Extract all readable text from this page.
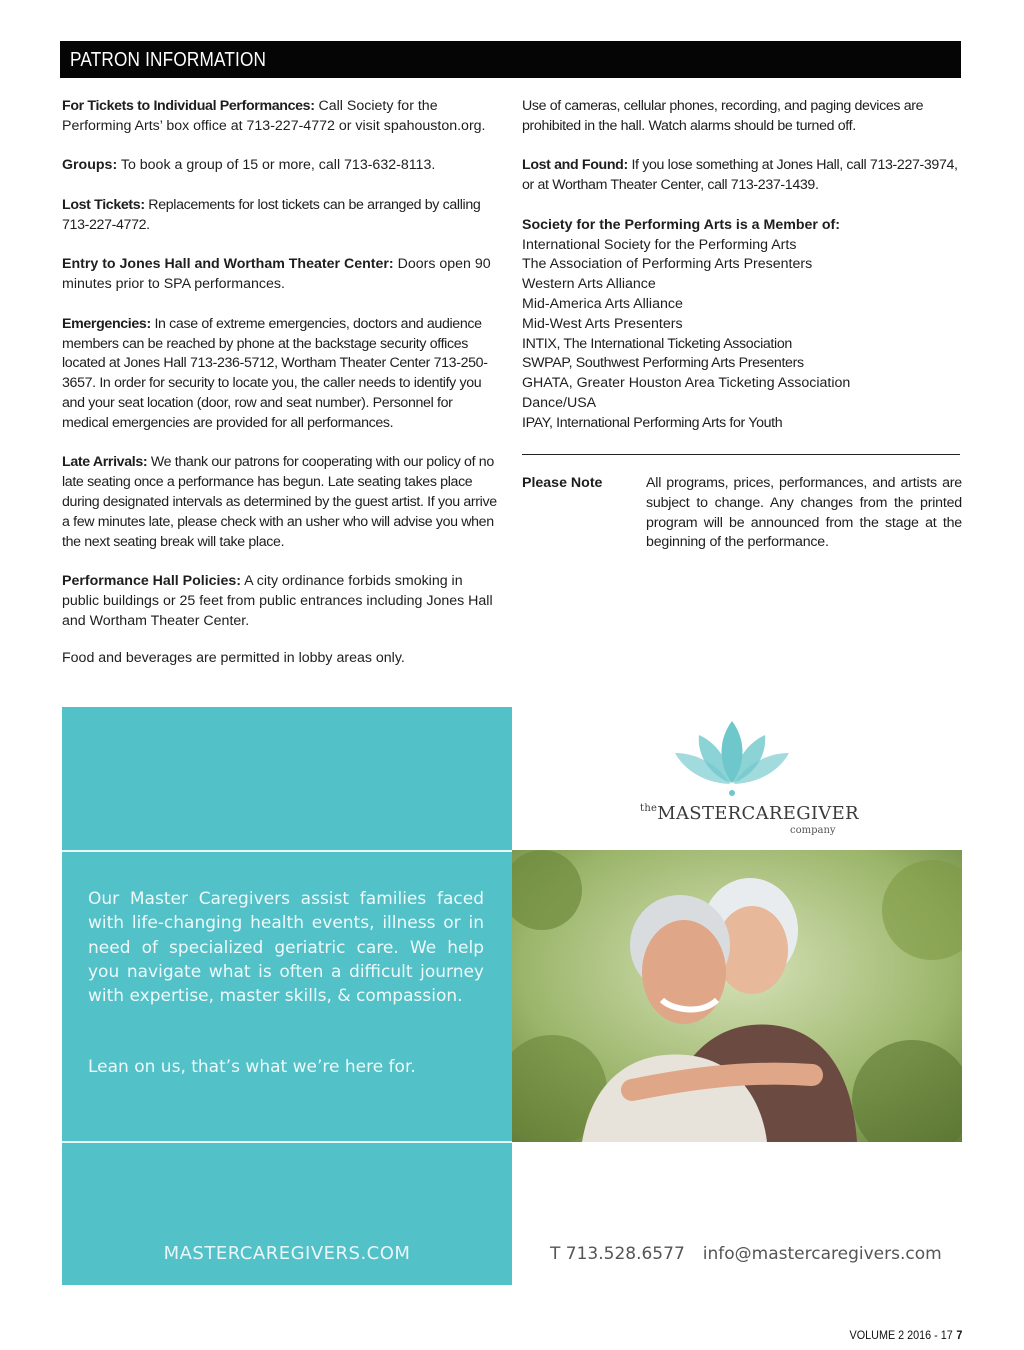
PATRON INFORMATION

For Tickets to Individual Performances: Call Society for the Performing Arts’ box office at 713-227-4772 or visit spahouston.org.

Groups: To book a group of 15 or more, call 713-632-8113.

Lost Tickets: Replacements for lost tickets can be arranged by calling 713-227-4772.

Entry to Jones Hall and Wortham Theater Center: Doors open 90 minutes prior to SPA performances.

Emergencies: In case of extreme emergencies, doctors and audience members can be reached by phone at the backstage security offices located at Jones Hall 713-236-5712, Wortham Theater Center 713-250-3657. In order for security to locate you, the caller needs to identify you and your seat location (door, row and seat number). Personnel for medical emergencies are provided for all performances.

Late Arrivals: We thank our patrons for cooperating with our policy of no late seating once a performance has begun. Late seating takes place during designated intervals as determined by the guest artist. If you arrive a few minutes late, please check with an usher who will advise you when the next seating break will take place.

Performance Hall Policies: A city ordinance forbids smoking in public buildings or 25 feet from public entrances including Jones Hall and Wortham Theater Center.

Food and beverages are permitted in lobby areas only.

Use of cameras, cellular phones, recording, and paging devices are prohibited in the hall. Watch alarms should be turned off.

Lost and Found: If you lose something at Jones Hall, call 713-227-3974, or at Wortham Theater Center, call 713-237-1439.

Society for the Performing Arts is a Member of:
International Society for the Performing Arts
The Association of Performing Arts Presenters
Western Arts Alliance
Mid-America Arts Alliance
Mid-West Arts Presenters
INTIX, The International Ticketing Association
SWPAP, Southwest Performing Arts Presenters
GHATA, Greater Houston Area Ticketing Association
Dance/USA
IPAY, International Performing Arts for Youth
Please Note	All programs, prices, performances, and artists are subject to change. Any changes from the printed program will be announced from the stage at the beginning of the performance.
Our Master Caregivers assist families faced with life-changing health events, illness or in need of specialized geriatric care. We help you navigate what is often a difficult journey with expertise, master skills, & compassion.
Lean on us, that’s what we’re here for.
MASTERCAREGIVERS.COM
$^{the}$MASTERCAREGIVER
company
T 713.528.6577 info@mastercaregivers.com
VOLUME 2 2016 - 17 7
